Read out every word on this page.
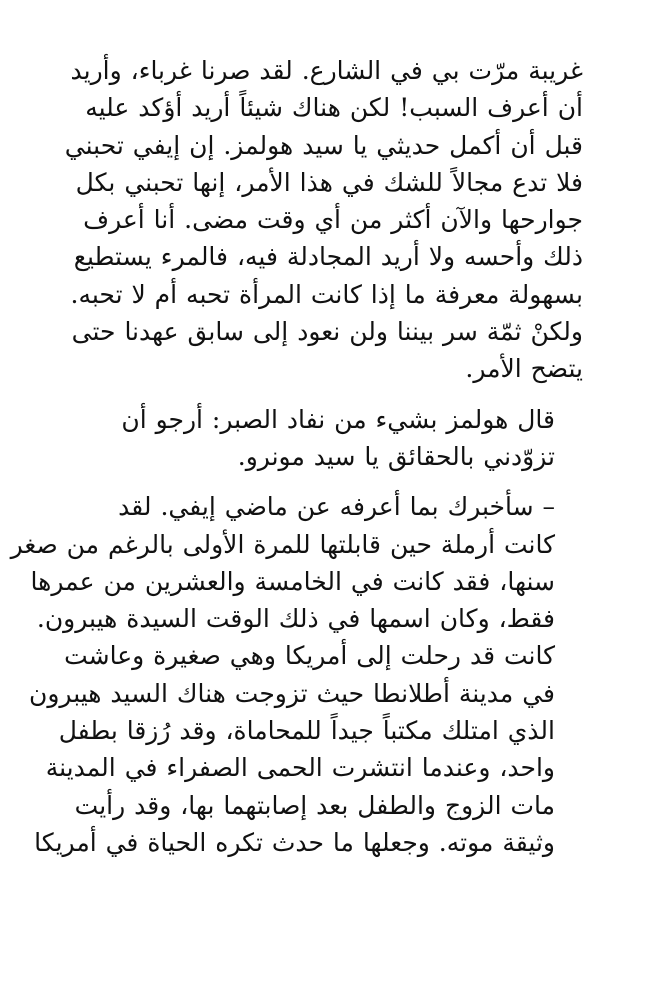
غريبة مرّت بي في الشارع. لقد صرنا غرباء، وأريد
أن أعرف السبب! لكن هناك شيئاً أريد أؤكد عليه
قبل أن أكمل حديثي يا سيد هولمز. إن إيفي تحبني
فلا تدع مجالاً للشك في هذا الأمر، إنها تحبني بكل
جوارحها والآن أكثر من أي وقت مضى. أنا أعرف
ذلك وأحسه ولا أريد المجادلة فيه، فالمرء يستطيع
بسهولة معرفة ما إذا كانت المرأة تحبه أم لا تحبه.
ولكنْ ثمّة سر بيننا ولن نعود إلى سابق عهدنا حتى
يتضح الأمر.

قال هولمز بشيء من نفاد الصبر: أرجو أن
تزوّدني بالحقائق يا سيد مونرو.

– سأخبرك بما أعرفه عن ماضي إيفي. لقد
كانت أرملة حين قابلتها للمرة الأولى بالرغم من صغر
سنها، فقد كانت في الخامسة والعشرين من عمرها
فقط، وكان اسمها في ذلك الوقت السيدة هيبرون.
كانت قد رحلت إلى أمريكا وهي صغيرة وعاشت
في مدينة أطلانطا حيث تزوجت هناك السيد هيبرون
الذي امتلك مكتباً جيداً للمحاماة، وقد رُزقا بطفل
واحد، وعندما انتشرت الحمى الصفراء في المدينة
مات الزوج والطفل بعد إصابتهما بها، وقد رأيت
وثيقة موته. وجعلها ما حدث تكره الحياة في أمريكا
